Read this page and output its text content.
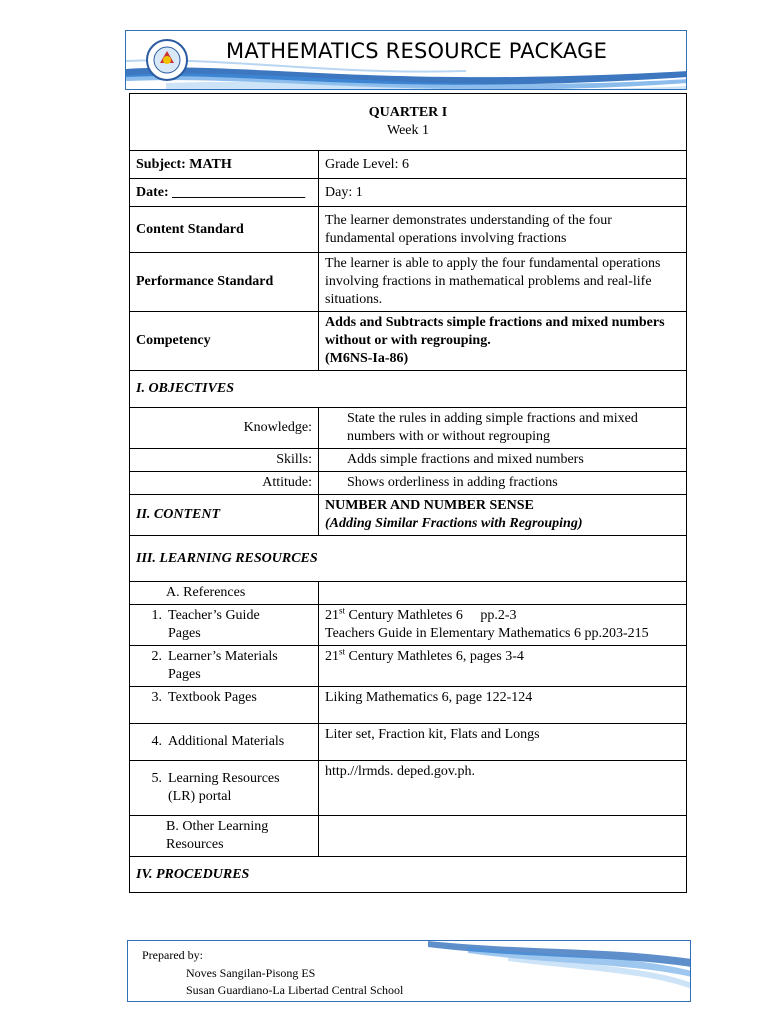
MATHEMATICS RESOURCE PACKAGE
QUARTER I
Week 1	

Subject: MATH	Grade Level: 6
Date: ___________________	Day: 1
Content Standard	The learner demonstrates understanding of the four fundamental operations involving fractions
Performance Standard	The learner is able to apply the four fundamental operations involving fractions in mathematical problems and real-life situations.
Competency	Adds and Subtracts simple fractions and mixed numbers without or with regrouping.
(M6NS-Ia-86)

I. OBJECTIVES	
Knowledge:	State the rules in adding simple fractions and mixed numbers with or without regrouping
Skills:	Adds simple fractions and mixed numbers
Attitude:	Shows orderliness in adding fractions
II. CONTENT	NUMBER AND NUMBER SENSE
(Adding Similar Fractions with Regrouping)

III. LEARNING RESOURCES	
A. References	
1. Teacher’s Guide Pages	21st Century Mathletes 6     pp.2-3
Teachers Guide in Elementary Mathematics 6 pp.203-215

2. Learner’s Materials Pages	21st Century Mathletes 6, pages 3-4
3. Textbook Pages	Liking Mathematics 6, page 122-124
4. Additional Materials	Liter set, Fraction kit, Flats and Longs
5. Learning Resources (LR) portal	http.//lrmds. deped.gov.ph.
B. Other Learning Resources	
IV. PROCEDURES	
Prepared by:
Noves Sangilan-Pisong ES
Susan Guardiano-La Libertad Central School
